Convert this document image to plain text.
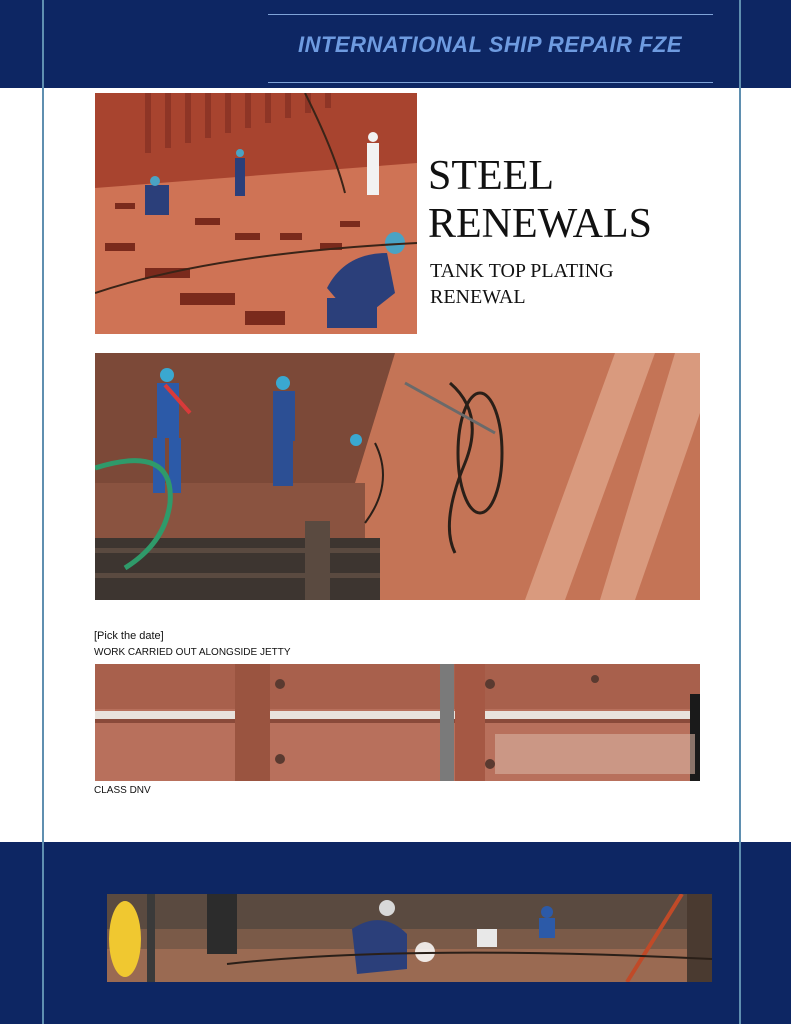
INTERNATIONAL SHIP REPAIR FZE
STEEL
RENEWALS
TANK TOP PLATING
RENEWAL
[Pick the date]
WORK CARRIED OUT ALONGSIDE JETTY
CLASS DNV
